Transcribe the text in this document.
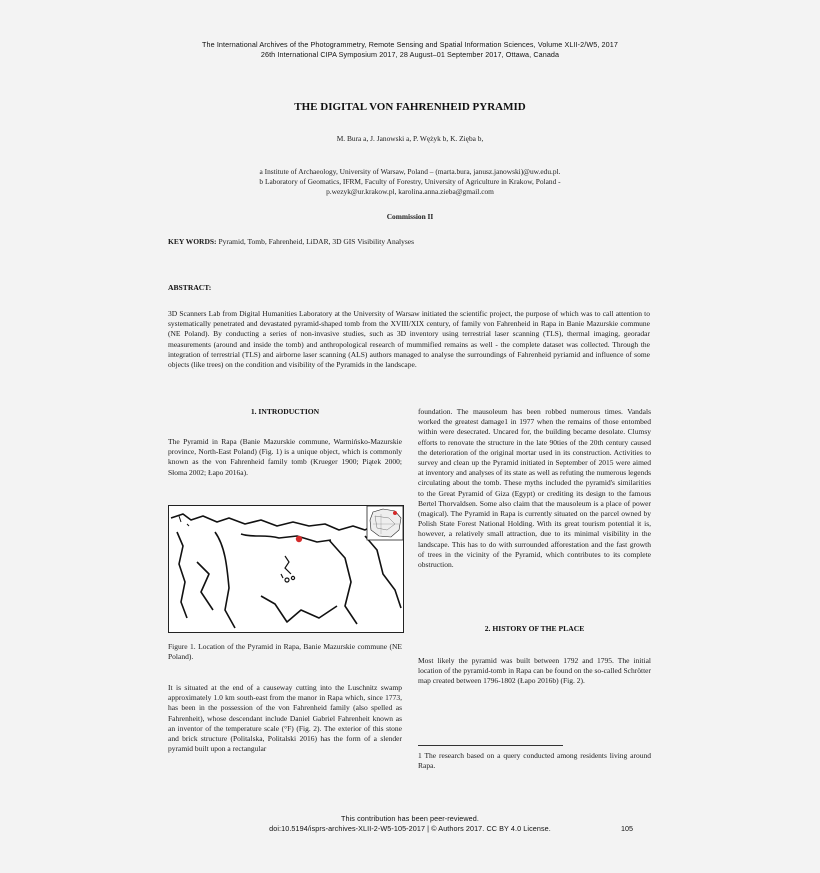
The International Archives of the Photogrammetry, Remote Sensing and Spatial Information Sciences, Volume XLII-2/W5, 2017
26th International CIPA Symposium 2017, 28 August–01 September 2017, Ottawa, Canada
THE DIGITAL VON FAHRENHEID PYRAMID
M. Bura a, J. Janowski a, P. Wężyk b, K. Zięba b,
a Institute of Archaeology, University of Warsaw, Poland – (marta.bura, janusz.janowski)@uw.edu.pl.
b Laboratory of Geomatics, IFRM, Faculty of Forestry, University of Agriculture in Krakow, Poland -
p.wezyk@ur.krakow.pl, karolina.anna.zieba@gmail.com
Commission II
KEY WORDS: Pyramid, Tomb, Fahrenheid, LiDAR, 3D GIS Visibility Analyses
ABSTRACT:
3D Scanners Lab from Digital Humanities Laboratory at the University of Warsaw initiated the scientific project, the purpose of which was to call attention to systematically penetrated and devastated pyramid-shaped tomb from the XVIII/XIX century, of family von Fahrenheid in Rapa in Banie Mazurskie commune (NE Poland). By conducting a series of non-invasive studies, such as 3D inventory using terrestrial laser scanning (TLS), thermal imaging, georadar measurements (around and inside the tomb) and anthropological research of mummified remains as well - the complete dataset was collected. Through the integration of terrestrial (TLS) and airborne laser scanning (ALS) authors managed to analyse the surroundings of Fahrenheid pyriamid and influence of some objects (like trees) on the condition and visibility of the Pyramids in the landscape.
1. INTRODUCTION
The Pyramid in Rapa (Banie Mazurskie commune, Warmińsko-Mazurskie province, North-East Poland) (Fig. 1) is a unique object, which is commonly known as the von Fahrenheid family tomb (Krueger 1900; Piątek 2000; Słoma 2002; Łapo 2016a).
Figure 1. Location of the Pyramid in Rapa, Banie Mazurskie commune (NE Poland).
It is situated at the end of a causeway cutting into the Luschnitz swamp approximately 1.0 km south-east from the manor in Rapa which, since 1773, has been in the possession of the von Fahrenheid family (also spelled as Fahrenheit), whose descendant include Daniel Gabriel Fahrenheit known as an inventor of the temperature scale (°F) (Fig. 2). The exterior of this stone and brick structure (Politalska, Politalski 2016) has the form of a slender pyramid built upon a rectangular
foundation. The mausoleum has been robbed numerous times. Vandals worked the greatest damage1 in 1977 when the remains of those entombed within were desecrated. Uncared for, the building became desolate. Clumsy efforts to renovate the structure in the late 90ties of the 20th century caused the deterioration of the original mortar used in its construction. Activities to survey and clean up the Pyramid initiated in September of 2015 were aimed at inventory and analyses of its state as well as refuting the numerous legends circulating about the tomb. These myths included the pyramid's similarities to the Great Pyramid of Giza (Egypt) or crediting its design to the famous Bertel Thorvaldsen. Some also claim that the mausoleum is a place of power (magical). The Pyramid in Rapa is currently situated on the parcel owned by Polish State Forest National Holding. With its great tourism potential it is, however, a relatively small attraction, due to its minimal visibility in the landscape. This has to do with surrounded afforestation and the fast growth of trees in the vicinity of the Pyramid, which contributes to its complete obstruction.
2. HISTORY OF THE PLACE
Most likely the pyramid was built between 1792 and 1795. The initial location of the pyramid-tomb in Rapa can be found on the so-called Schrötter map created between 1796-1802 (Łapo 2016b) (Fig. 2).
1 The research based on a query conducted among residents living around Rapa.
This contribution has been peer-reviewed.
doi:10.5194/isprs-archives-XLII-2-W5-105-2017 | © Authors 2017. CC BY 4.0 License.	105
